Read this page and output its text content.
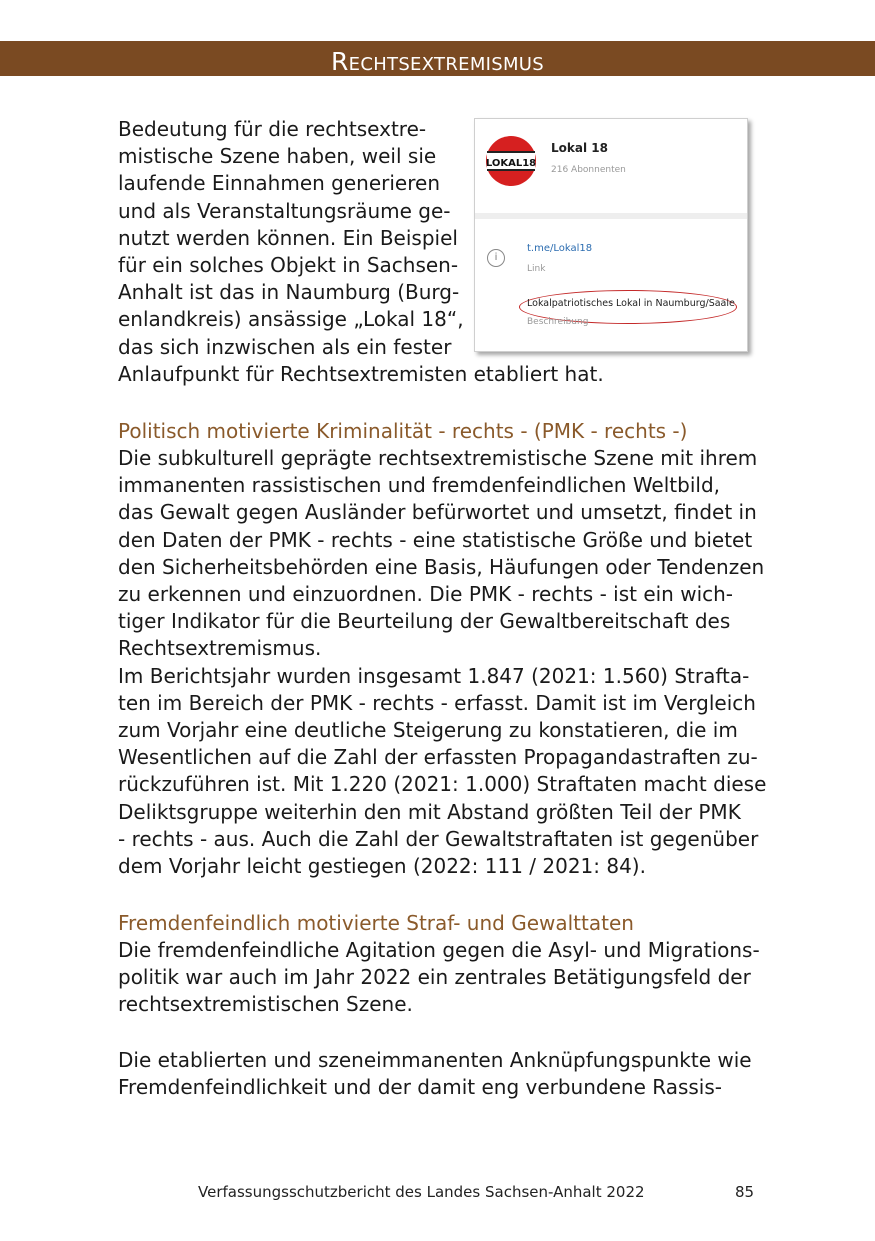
Rechtsextremismus
Bedeutung für die rechtsextre-
mistische Szene haben, weil sie
laufende Einnahmen generieren
und als Veranstaltungsräume ge-
nutzt werden können. Ein Beispiel
für ein solches Objekt in Sachsen-
Anhalt ist das in Naumburg (Burg-
enlandkreis) ansässige „Lokal 18“,
das sich inzwischen als ein fester
Anlaufpunkt für Rechtsextremisten etabliert hat.
LOKAL18
Lokal 18
216 Abonnenten
i
t.me/Lokal18
Link
Lokalpatriotisches Lokal in Naumburg/Saale
Beschreibung
Politisch motivierte Kriminalität - rechts - (PMK - rechts -)
Die subkulturell geprägte rechtsextremistische Szene mit ihrem
immanenten rassistischen und fremdenfeindlichen Weltbild,
das Gewalt gegen Ausländer befürwortet und umsetzt, findet in
den Daten der PMK - rechts - eine statistische Größe und bietet
den Sicherheitsbehörden eine Basis, Häufungen oder Tendenzen
zu erkennen und einzuordnen. Die PMK - rechts - ist ein wich-
tiger Indikator für die Beurteilung der Gewaltbereitschaft des
Rechtsextremismus.
Im Berichtsjahr wurden insgesamt 1.847 (2021: 1.560) Strafta-
ten im Bereich der PMK - rechts - erfasst. Damit ist im Vergleich
zum Vorjahr eine deutliche Steigerung zu konstatieren, die im
Wesentlichen auf die Zahl der erfassten Propagandastraften zu-
rückzuführen ist. Mit 1.220 (2021: 1.000) Straftaten macht diese
Deliktsgruppe weiterhin den mit Abstand größten Teil der PMK
- rechts - aus. Auch die Zahl der Gewaltstraftaten ist gegenüber
dem Vorjahr leicht gestiegen (2022: 111 / 2021: 84).
Fremdenfeindlich motivierte Straf- und Gewalttaten
Die fremdenfeindliche Agitation gegen die Asyl- und Migrations-
politik war auch im Jahr 2022 ein zentrales Betätigungsfeld der
rechtsextremistischen Szene.
Die etablierten und szeneimmanenten Anknüpfungspunkte wie
Fremdenfeindlichkeit und der damit eng verbundene Rassis-
Verfassungsschutzbericht des Landes Sachsen-Anhalt 2022	85
